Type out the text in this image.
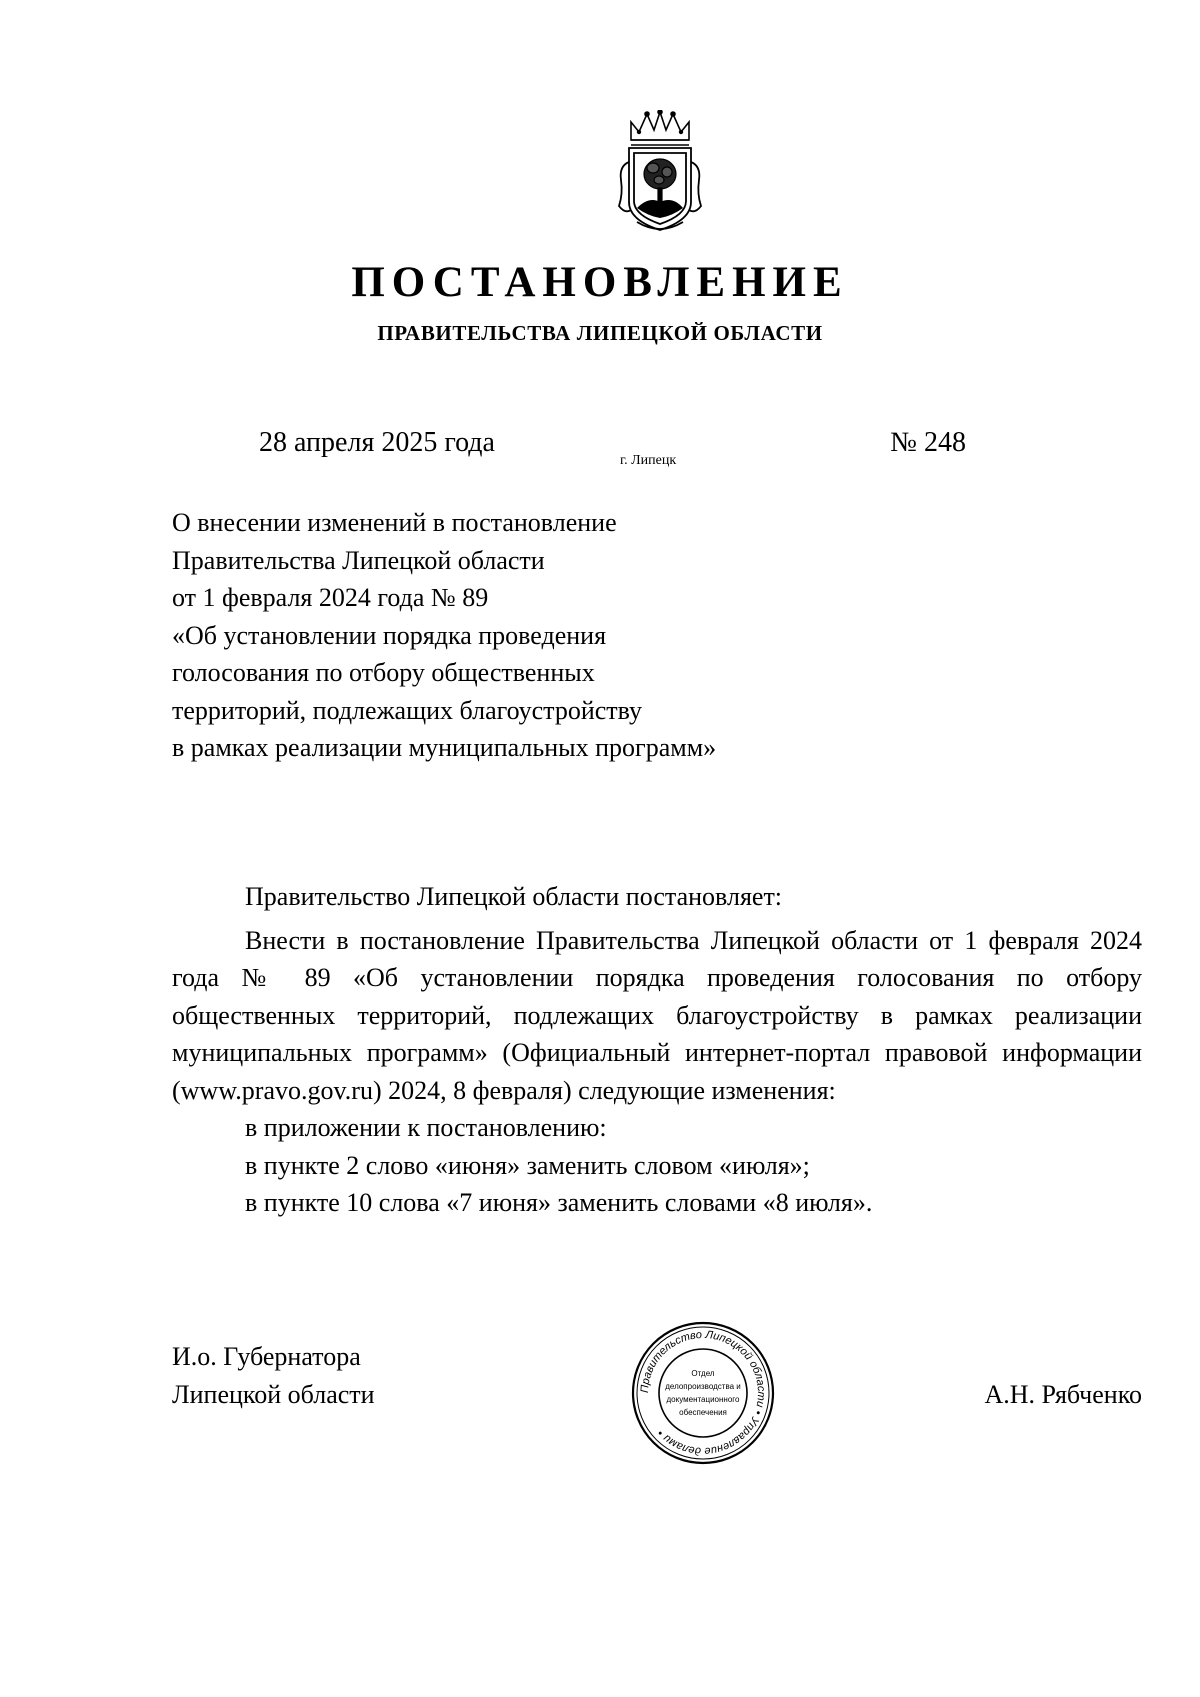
ПОСТАНОВЛЕНИЕ
ПРАВИТЕЛЬСТВА ЛИПЕЦКОЙ ОБЛАСТИ
28 апреля 2025 года
г. Липецк
№ 248
О внесении изменений в постановление
Правительства Липецкой области
от 1 февраля 2024 года № 89
«Об установлении порядка проведения
голосования по отбору общественных
территорий, подлежащих благоустройству
в рамках реализации муниципальных программ»

Правительство Липецкой области постановляет:

Внести в постановление Правительства Липецкой области от 1 февраля 2024 года № 89 «Об установлении порядка проведения голосования по отбору общественных территорий, подлежащих благоустройству в рамках реализации муниципальных программ» (Официальный интернет-портал правовой информации (www.pravo.gov.ru) 2024, 8 февраля) следующие изменения:

в приложении к постановлению:

в пункте 2 слово «июня» заменить словом «июля»;

в пункте 10 слова «7 июня» заменить словами «8 июля».

И.о. Губернатора
Липецкой области	Правительство Липецкой области • Управление делами •
Отдел
делопроизводства и
документационного
обеспечения
А.Н. Рябченко
